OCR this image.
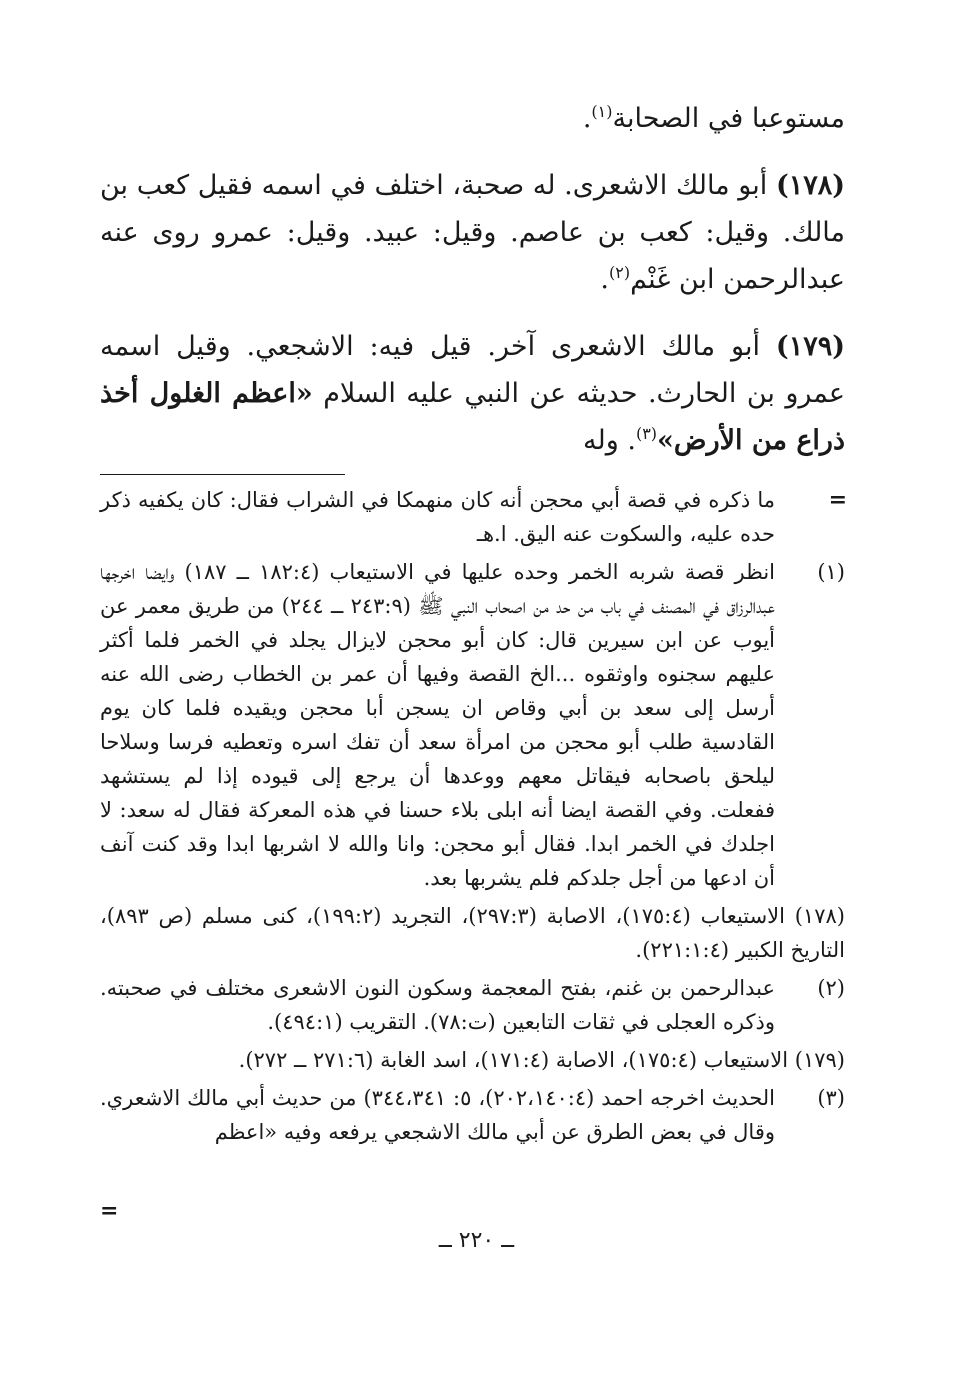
مستوعبا في الصحابة$^{(١)}$.

(١٧٨) أبو مالك الاشعرى. له صحبة، اختلف في اسمه فقيل كعب بن مالك. وقيل: كعب بن عاصم. وقيل: عبيد. وقيل: عمرو روى عنه عبدالرحمن ابن غَنْم$^{(٢)}$.

(١٧٩) أبو مالك الاشعرى آخر. قيل فيه: الاشجعي. وقيل اسمه عمرو بن الحارث. حديثه عن النبي عليه السلام «اعظم الغلول أخذ ذراع من الأرض»$^{(٣)}$. وله

=
ما ذكره في قصة أبي محجن أنه كان منهمكا في الشراب فقال: كان يكفيه ذكر حده عليه، والسكوت عنه اليق. ا.هـ
(١)
انظر قصة شربه الخمر وحده عليها في الاستيعاب (١٨٢:٤ ــ ١٨٧) وايضا اخرجها عبدالرزاق في المصنف في باب من حد من اصحاب النبي ﷺ (٢٤٣:٩ ــ ٢٤٤) من طريق معمر عن أيوب عن ابن سيرين قال: كان أبو محجن لايزال يجلد في الخمر فلما أكثر عليهم سجنوه واوثقوه ...الخ القصة وفيها أن عمر بن الخطاب رضى الله عنه أرسل إلى سعد بن أبي وقاص ان يسجن أبا محجن ويقيده فلما كان يوم القادسية طلب أبو محجن من امرأة سعد أن تفك اسره وتعطيه فرسا وسلاحا ليلحق باصحابه فيقاتل معهم ووعدها أن يرجع إلى قيوده إذا لم يستشهد ففعلت. وفي القصة ايضا أنه ابلى بلاء حسنا في هذه المعركة فقال له سعد: لا اجلدك في الخمر ابدا. فقال أبو محجن: وانا والله لا اشربها ابدا وقد كنت آنف أن ادعها من أجل جلدكم فلم يشربها بعد.
(١٧٨) الاستيعاب (١٧٥:٤)، الاصابة (٢٩٧:٣)، التجريد (١٩٩:٢)، كنى مسلم (ص ٨٩٣)، التاريخ الكبير (٢٢١:١:٤).
(٢)
عبدالرحمن بن غنم، بفتح المعجمة وسكون النون الاشعرى مختلف في صحبته. وذكره العجلى في ثقات التابعين (ت:٧٨). التقريب (٤٩٤:١).
(١٧٩) الاستيعاب (١٧٥:٤)، الاصابة (١٧١:٤)، اسد الغابة (٢٧١:٦ ــ ٢٧٢).
(٣)
الحديث اخرجه احمد (٢٠٢،١٤٠:٤)، ٥: ٣٤٤،٣٤١) من حديث أبي مالك الاشعري. وقال في بعض الطرق عن أبي مالك الاشجعي يرفعه وفيه «اعظم
=
ــ ٢٢٠ ــ
